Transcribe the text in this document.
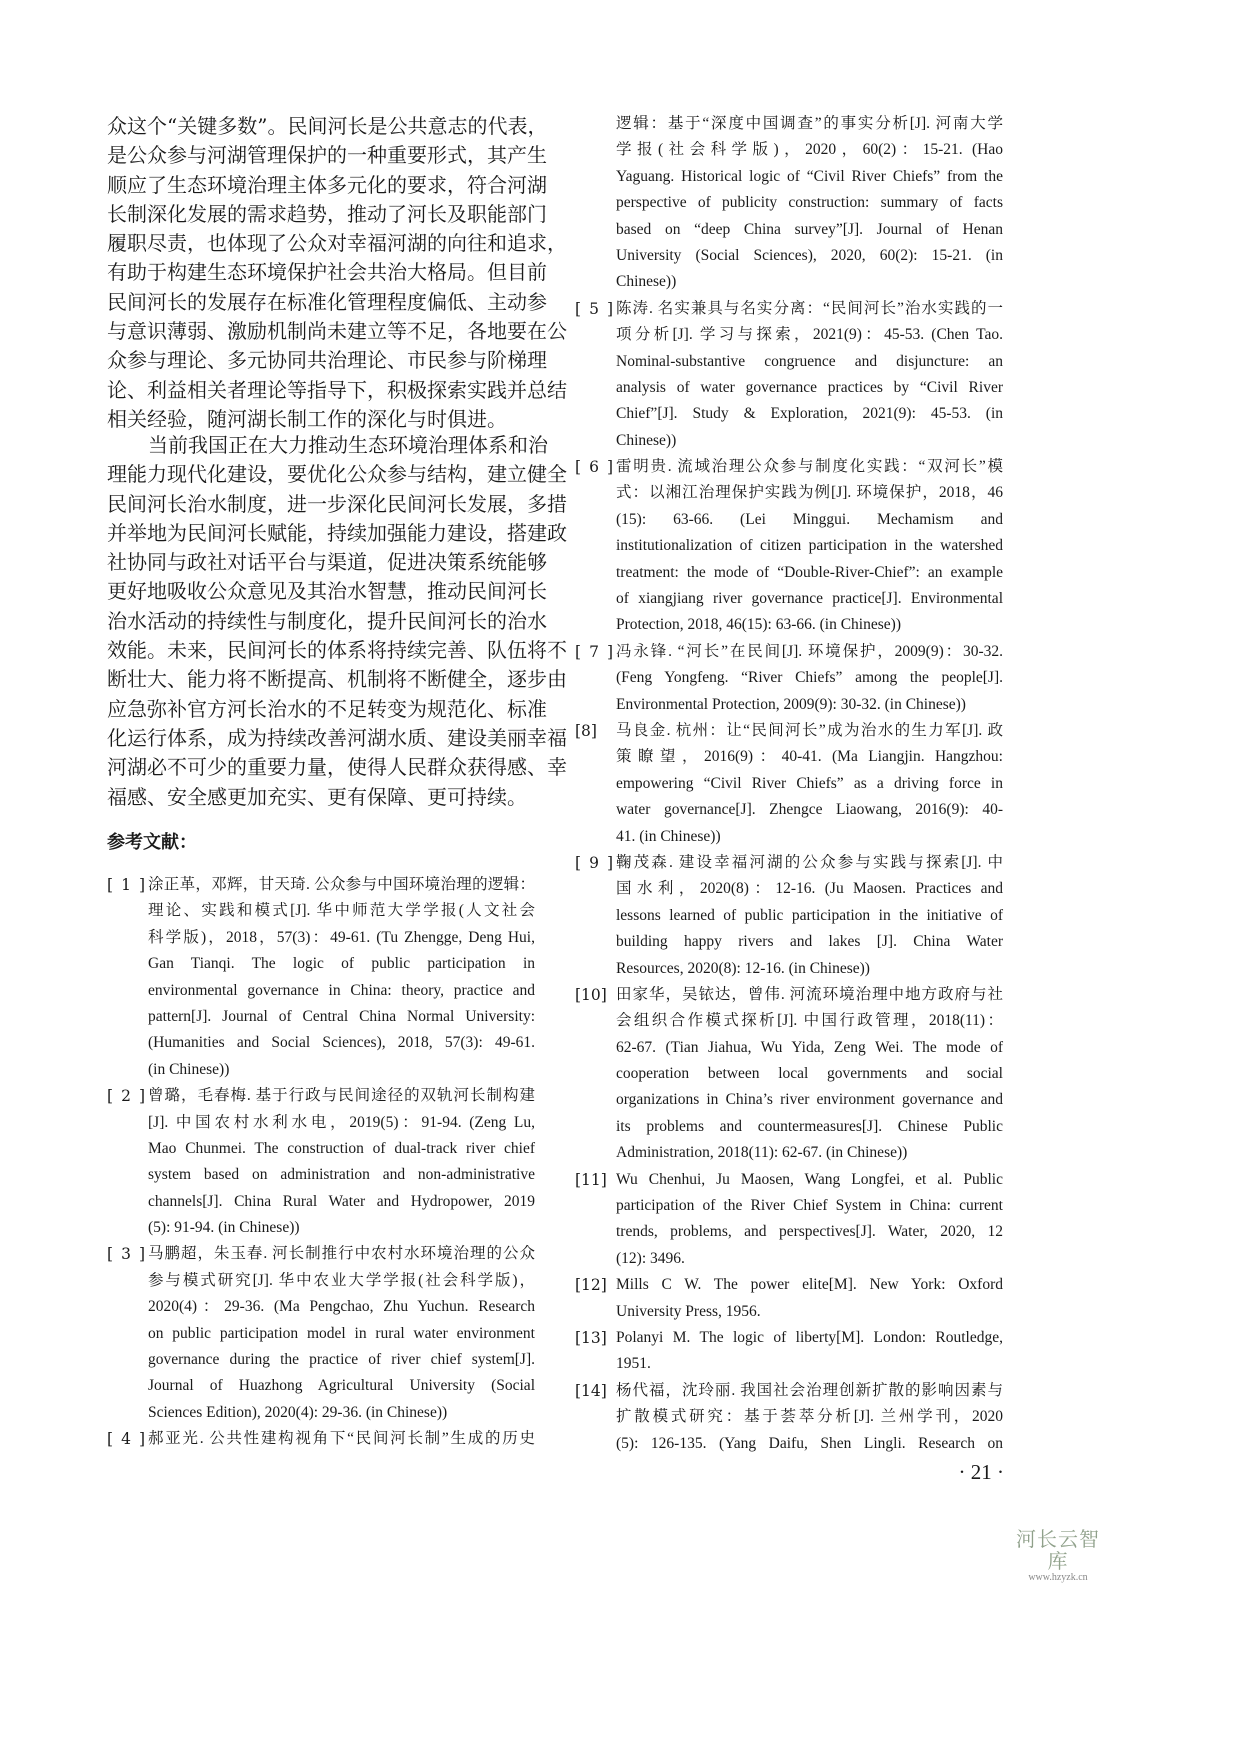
众这个“关键多数”。民间河长是公共意志的代表，
是公众参与河湖管理保护的一种重要形式，其产生
顺应了生态环境治理主体多元化的要求，符合河湖
长制深化发展的需求趋势，推动了河长及职能部门
履职尽责，也体现了公众对幸福河湖的向往和追求，
有助于构建生态环境保护社会共治大格局。但目前
民间河长的发展存在标准化管理程度偏低、主动参
与意识薄弱、激励机制尚未建立等不足，各地要在公
众参与理论、多元协同共治理论、市民参与阶梯理
论、利益相关者理论等指导下，积极探索实践并总结
相关经验，随河湖长制工作的深化与时俱进。
当前我国正在大力推动生态环境治理体系和治
理能力现代化建设，要优化公众参与结构，建立健全
民间河长治水制度，进一步深化民间河长发展，多措
并举地为民间河长赋能，持续加强能力建设，搭建政
社协同与政社对话平台与渠道，促进决策系统能够
更好地吸收公众意见及其治水智慧，推动民间河长
治水活动的持续性与制度化，提升民间河长的治水
效能。未来，民间河长的体系将持续完善、队伍将不
断壮大、能力将不断提高、机制将不断健全，逐步由
应急弥补官方河长治水的不足转变为规范化、标准
化运行体系，成为持续改善河湖水质、建设美丽幸福
河湖必不可少的重要力量，使得人民群众获得感、幸
福感、安全感更加充实、更有保障、更可持续。
参考文献：
[ 1 ] 涂正革，邓辉，甘天琦. 公众参与中国环境治理的逻辑：
理论、实践和模式[J]. 华中师范大学学报(人文社会
科学版)，2018，57(3)：49-61. (Tu Zhengge, Deng Hui,
Gan Tianqi. The logic of public participation in
environmental governance in China: theory, practice and
pattern[J]. Journal of Central China Normal University:
(Humanities and Social Sciences), 2018, 57(3): 49-61.
(in Chinese))
[ 2 ] 曾璐，毛春梅. 基于行政与民间途径的双轨河长制构建
[J]. 中国农村水利水电，2019(5)：91-94. (Zeng Lu,
Mao Chunmei. The construction of dual-track river chief
system based on administration and non-administrative
channels[J]. China Rural Water and Hydropower, 2019
(5): 91-94. (in Chinese))
[ 3 ] 马鹏超，朱玉春. 河长制推行中农村水环境治理的公众
参与模式研究[J]. 华中农业大学学报(社会科学版)，
2020(4)：29-36. (Ma Pengchao, Zhu Yuchun. Research
on public participation model in rural water environment
governance during the practice of river chief system[J].
Journal of Huazhong Agricultural University (Social
Sciences Edition), 2020(4): 29-36. (in Chinese))
[ 4 ] 郝亚光. 公共性建构视角下“民间河长制”生成的历史
逻辑：基于“深度中国调查”的事实分析[J]. 河南大学
学报(社会科学版)，2020，60(2)：15-21. (Hao
Yaguang. Historical logic of “Civil River Chiefs” from the
perspective of publicity construction: summary of facts
based on “deep China survey”[J]. Journal of Henan
University (Social Sciences), 2020, 60(2): 15-21. (in
Chinese))
[ 5 ] 陈涛. 名实兼具与名实分离：“民间河长”治水实践的一
项分析[J]. 学习与探索，2021(9)：45-53. (Chen Tao.
Nominal-substantive congruence and disjuncture: an
analysis of water governance practices by “Civil River
Chief”[J]. Study & Exploration, 2021(9): 45-53. (in
Chinese))
[ 6 ] 雷明贵. 流域治理公众参与制度化实践：“双河长”模
式：以湘江治理保护实践为例[J]. 环境保护，2018，46
(15): 63-66. (Lei Minggui. Mechamism and
institutionalization of citizen participation in the watershed
treatment: the mode of “Double-River-Chief”: an example
of xiangjiang river governance practice[J]. Environmental
Protection, 2018, 46(15): 63-66. (in Chinese))
[ 7 ] 冯永锋. “河长”在民间[J]. 环境保护，2009(9)：30-32.
(Feng Yongfeng. “River Chiefs” among the people[J].
Environmental Protection, 2009(9): 30-32. (in Chinese))
[8]	马良金. 杭州：让“民间河长”成为治水的生力军[J]. 政
策瞭望，2016(9)：40-41. (Ma Liangjin. Hangzhou:
empowering “Civil River Chiefs” as a driving force in
water governance[J]. Zhengce Liaowang, 2016(9): 40-
41. (in Chinese))
[ 9 ] 鞠茂森. 建设幸福河湖的公众参与实践与探索[J]. 中
国水利，2020(8)：12-16. (Ju Maosen. Practices and
lessons learned of public participation in the initiative of
building happy rivers and lakes [J]. China Water
Resources, 2020(8): 12-16. (in Chinese))
[10] 田家华，吴铱达，曾伟. 河流环境治理中地方政府与社
会组织合作模式探析[J]. 中国行政管理，2018(11)：
62-67. (Tian Jiahua, Wu Yida, Zeng Wei. The mode of
cooperation between local governments and social
organizations in China’s river environment governance and
its problems and countermeasures[J]. Chinese Public
Administration, 2018(11): 62-67. (in Chinese))
[11] Wu Chenhui, Ju Maosen, Wang Longfei, et al. Public
participation of the River Chief System in China: current
trends, problems, and perspectives[J]. Water, 2020, 12
(12): 3496.
[12] Mills C W. The power elite[M]. New York: Oxford
University Press, 1956.
[13] Polanyi M. The logic of liberty[M]. London: Routledge,
1951.
[14] 杨代福，沈玲丽. 我国社会治理创新扩散的影响因素与
扩散模式研究：基于荟萃分析[J]. 兰州学刊，2020
(5): 126-135. (Yang Daifu, Shen Lingli. Research on
· 21 ·
河长云智库
www.hzyzk.cn
